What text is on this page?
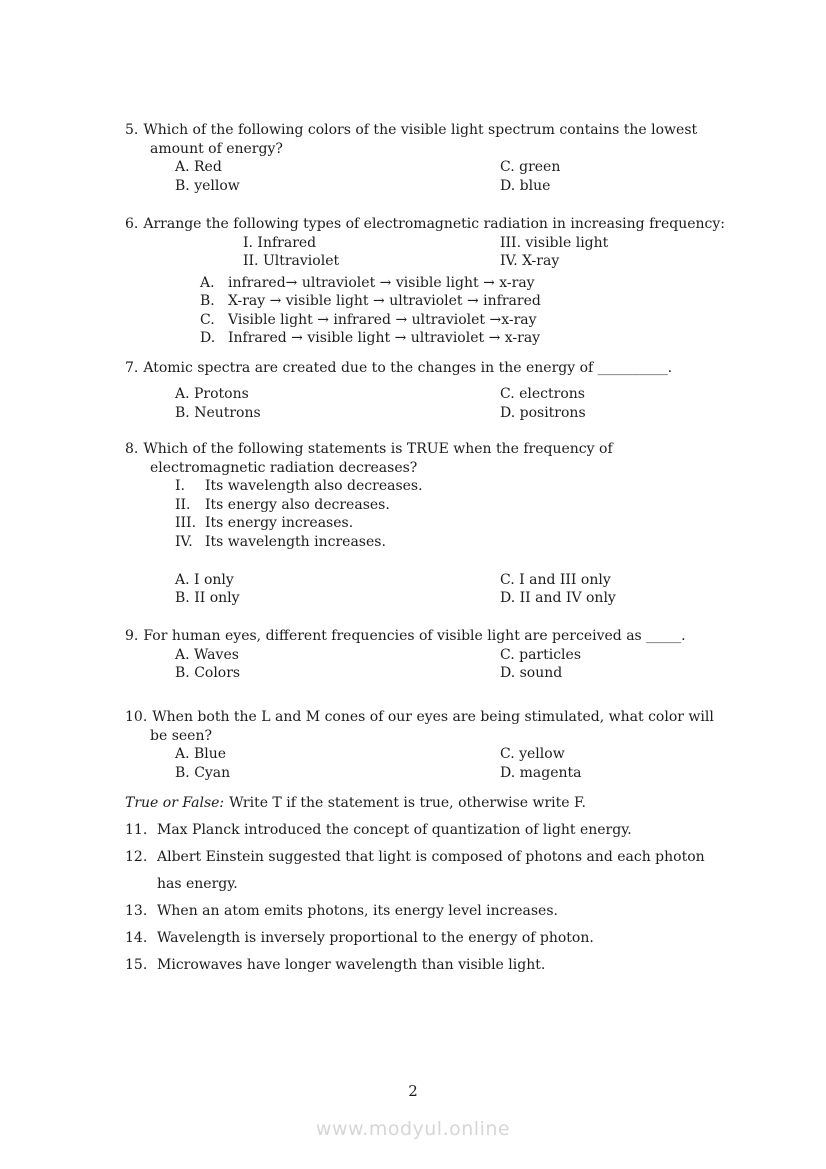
5. Which of the following colors of the visible light spectrum contains the lowest
amount of energy?
A. Red	C. green
B. yellow	D. blue
6. Arrange the following types of electromagnetic radiation in increasing frequency:
I. Infrared	III. visible light
II. Ultraviolet	IV. X-ray
A. infrared→ ultraviolet → visible light → x-ray
B. X-ray → visible light → ultraviolet → infrared
C. Visible light → infrared → ultraviolet →x-ray
D. Infrared → visible light → ultraviolet → x-ray
7. Atomic spectra are created due to the changes in the energy of __________.
A. Protons	C. electrons
B. Neutrons	D. positrons
8. Which of the following statements is TRUE when the frequency of
electromagnetic radiation decreases?
I. Its wavelength also decreases.
II. Its energy also decreases.
III. Its energy increases.
IV. Its wavelength increases.
A. I only	C. I and III only
B. II only	D. II and IV only
9. For human eyes, different frequencies of visible light are perceived as _____.
A. Waves	C. particles
B. Colors	D. sound
10. When both the L and M cones of our eyes are being stimulated, what color will
be seen?
A. Blue	C. yellow
B. Cyan	D. magenta
True or False: Write T if the statement is true, otherwise write F.
11. Max Planck introduced the concept of quantization of light energy.
12. Albert Einstein suggested that light is composed of photons and each photon
has energy.
13. When an atom emits photons, its energy level increases.
14. Wavelength is inversely proportional to the energy of photon.
15. Microwaves have longer wavelength than visible light.
2
www.modyul.online
